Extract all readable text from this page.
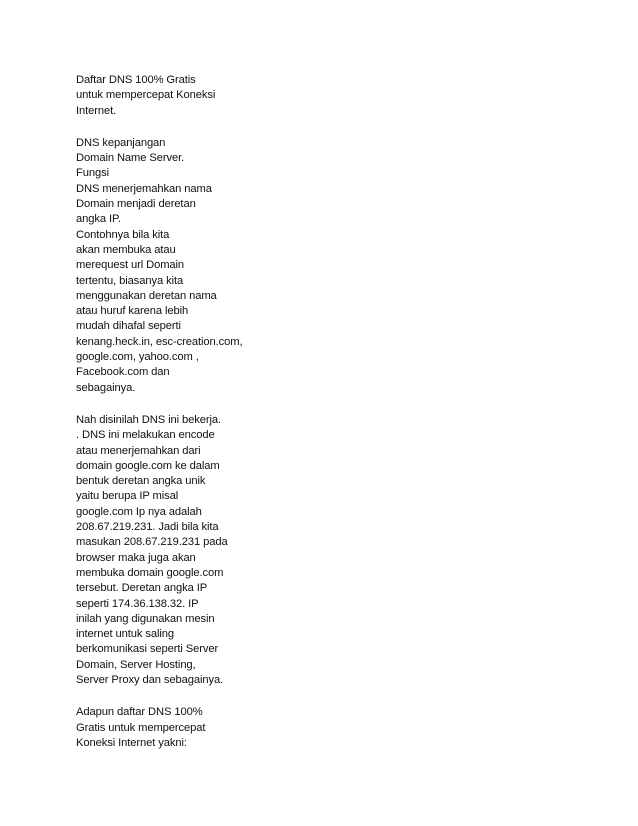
Daftar DNS 100% Gratis
untuk mempercepat Koneksi
Internet.
DNS kepanjangan
Domain Name Server.
Fungsi
DNS menerjemahkan nama
Domain menjadi deretan
angka IP.
Contohnya bila kita
akan membuka atau
merequest url Domain
tertentu, biasanya kita
menggunakan deretan nama
atau huruf karena lebih
mudah dihafal seperti
kenang.heck.in, esc-creation.com,
google.com, yahoo.com ,
Facebook.com dan
sebagainya.
Nah disinilah DNS ini bekerja.
. DNS ini melakukan encode
atau menerjemahkan dari
domain google.com ke dalam
bentuk deretan angka unik
yaitu berupa IP misal
google.com Ip nya adalah
208.67.219.231. Jadi bila kita
masukan 208.67.219.231 pada
browser maka juga akan
membuka domain google.com
tersebut. Deretan angka IP
seperti 174.36.138.32. IP
inilah yang digunakan mesin
internet untuk saling
berkomunikasi seperti Server
Domain, Server Hosting,
Server Proxy dan sebagainya.
Adapun daftar DNS 100%
Gratis untuk mempercepat
Koneksi Internet yakni:
